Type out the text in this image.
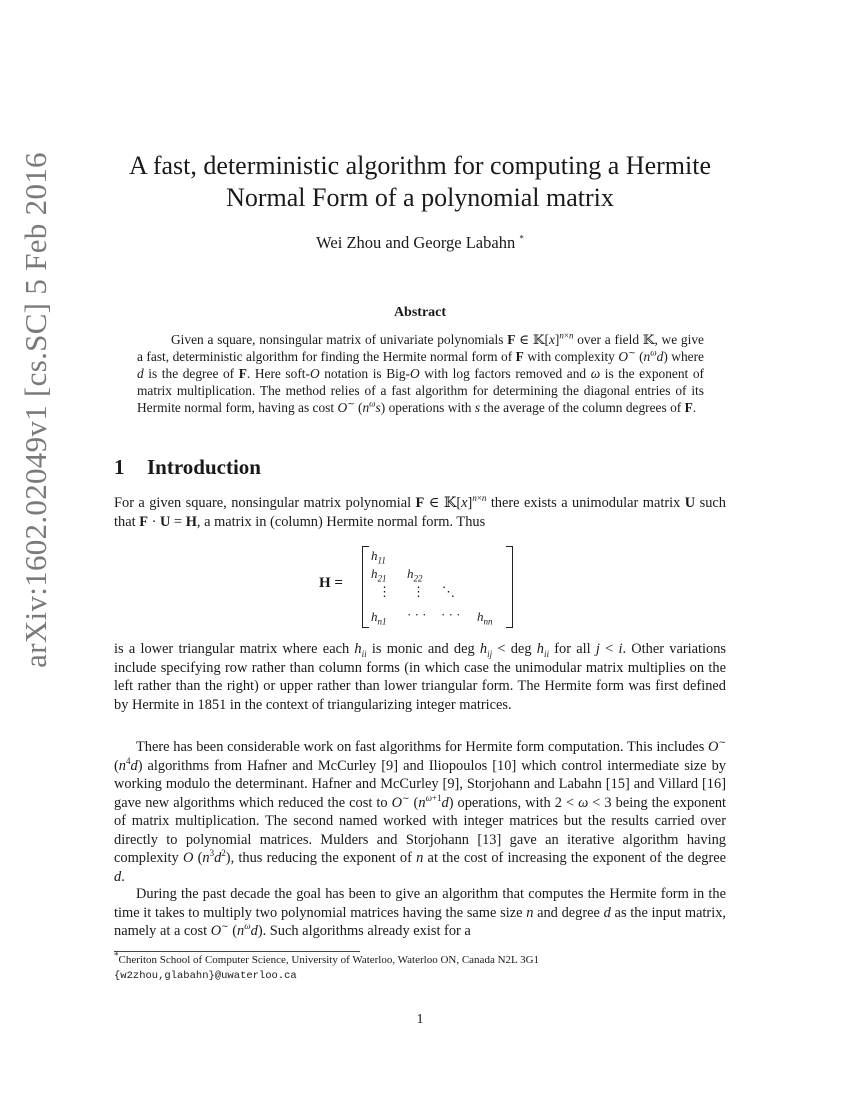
arXiv:1602.02049v1 [cs.SC] 5 Feb 2016	A fast, deterministic algorithm for computing a Hermite
Normal Form of a polynomial matrix
Wei Zhou and George Labahn *
Abstract

Given a square, nonsingular matrix of univariate polynomials F ∈ $𝕂[x]^{n\times n}$ over a field 𝕂, we give a fast, deterministic algorithm for finding the Hermite normal form of F with complexity O∼ $(n^\omega d)$ where d is the degree of F. Here soft-O notation is Big-O with log factors removed and ω is the exponent of matrix multiplication. The method relies of a fast algorithm for determining the diagonal entries of its Hermite normal form, having as cost O∼ $(n^\omega s)$ operations with s the average of the column degrees of F.

1 Introduction

For a given square, nonsingular matrix polynomial F ∈ $𝕂[x]^{n\times n}$ there exists a unimodular matrix U such that F · U = H, a matrix in (column) Hermite normal form. Thus

H =
$h_{11}$
$h_{21}$ $h_{22}$
⋮ ⋮ ⋱
$h_{n1}$ · · · · · · $h_{nn}$

is a lower triangular matrix where each $h_{ii}$ is monic and deg $h_{ij}$ < deg $h_{ii}$ for all j < i. Other variations include specifying row rather than column forms (in which case the unimodular matrix multiplies on the left rather than the right) or upper rather than lower triangular form. The Hermite form was first defined by Hermite in 1851 in the context of triangularizing integer matrices.

There has been considerable work on fast algorithms for Hermite form computation. This includes O∼ $(n^4d)$ algorithms from Hafner and McCurley [9] and Iliopoulos [10] which control intermediate size by working modulo the determinant. Hafner and McCurley [9], Storjohann and Labahn [15] and Villard [16] gave new algorithms which reduced the cost to O∼ $(n^{\omega+1}d)$ operations, with 2 < ω < 3 being the exponent of matrix multiplication. The second named worked with integer matrices but the results carried over directly to polynomial matrices. Mulders and Storjohann [13] gave an iterative algorithm having complexity O $(n^3d^2)$, thus reducing the exponent of n at the cost of increasing the exponent of the degree d.

During the past decade the goal has been to give an algorithm that computes the Hermite form in the time it takes to multiply two polynomial matrices having the same size n and degree d as the input matrix, namely at a cost O∼ $(n^\omega d)$. Such algorithms already exist for a

*Cheriton School of Computer Science, University of Waterloo, Waterloo ON, Canada N2L 3G1
{w2zhou,glabahn}@uwaterloo.ca

1
